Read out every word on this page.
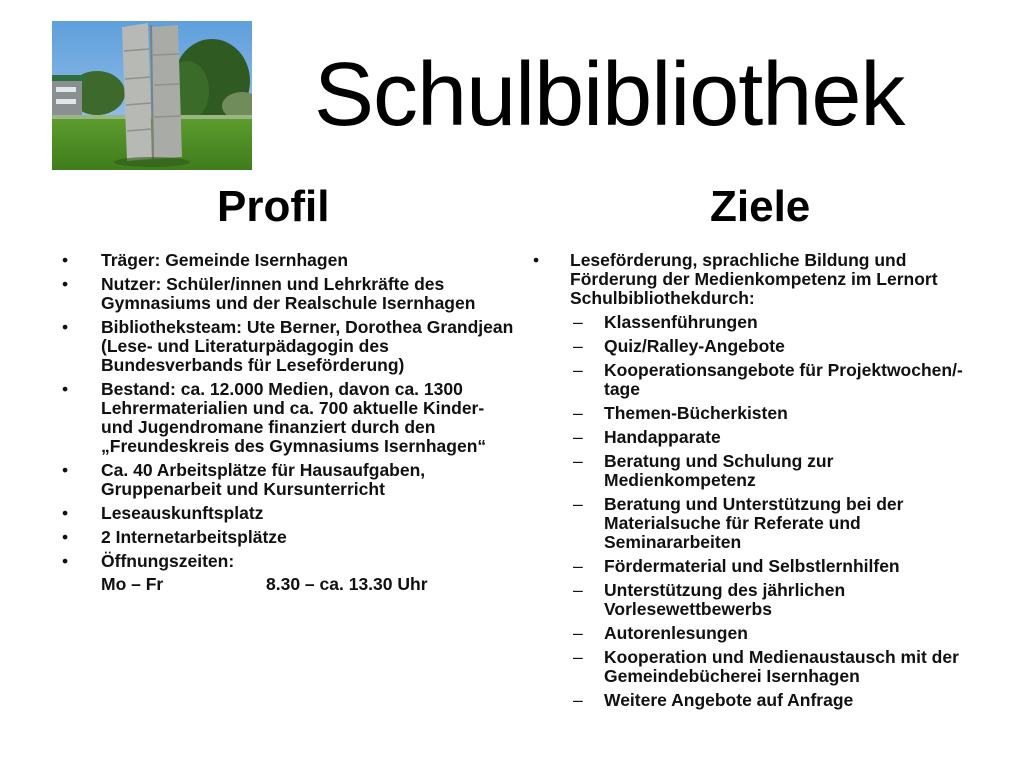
Schulbibliothek
Profil	Ziele
• Träger: Gemeinde Isernhagen
• Nutzer: Schüler/innen und Lehrkräfte des Gymnasiums und der Realschule Isernhagen
• Bibliotheksteam: Ute Berner, Dorothea Grandjean (Lese- und Literaturpädagogin des Bundesverbands für Leseförderung)
• Bestand: ca. 12.000 Medien, davon ca. 1300 Lehrermaterialien und ca. 700 aktuelle Kinder- und Jugendromane finanziert durch den „Freundeskreis des Gymnasiums Isernhagen“
• Ca. 40 Arbeitsplätze für Hausaufgaben, Gruppenarbeit und Kursunterricht
• Leseauskunftsplatz
• 2 Internetarbeitsplätze
• Öffnungszeiten:
Mo – Fr	8.30 – ca. 13.30 Uhr
• Leseförderung, sprachliche Bildung und Förderung der Medienkompetenz im Lernort Schulbibliothekdurch:
– Klassenführungen
– Quiz/Ralley-Angebote
– Kooperationsangebote für Projektwochen/-tage
– Themen-Bücherkisten
– Handapparate
– Beratung und Schulung zur Medienkompetenz
– Beratung und Unterstützung bei der Materialsuche für Referate und Seminararbeiten
– Fördermaterial und Selbstlernhilfen
– Unterstützung des jährlichen Vorlesewettbewerbs
– Autorenlesungen
– Kooperation und Medienaustausch mit der Gemeindebücherei Isernhagen
– Weitere Angebote auf Anfrage
